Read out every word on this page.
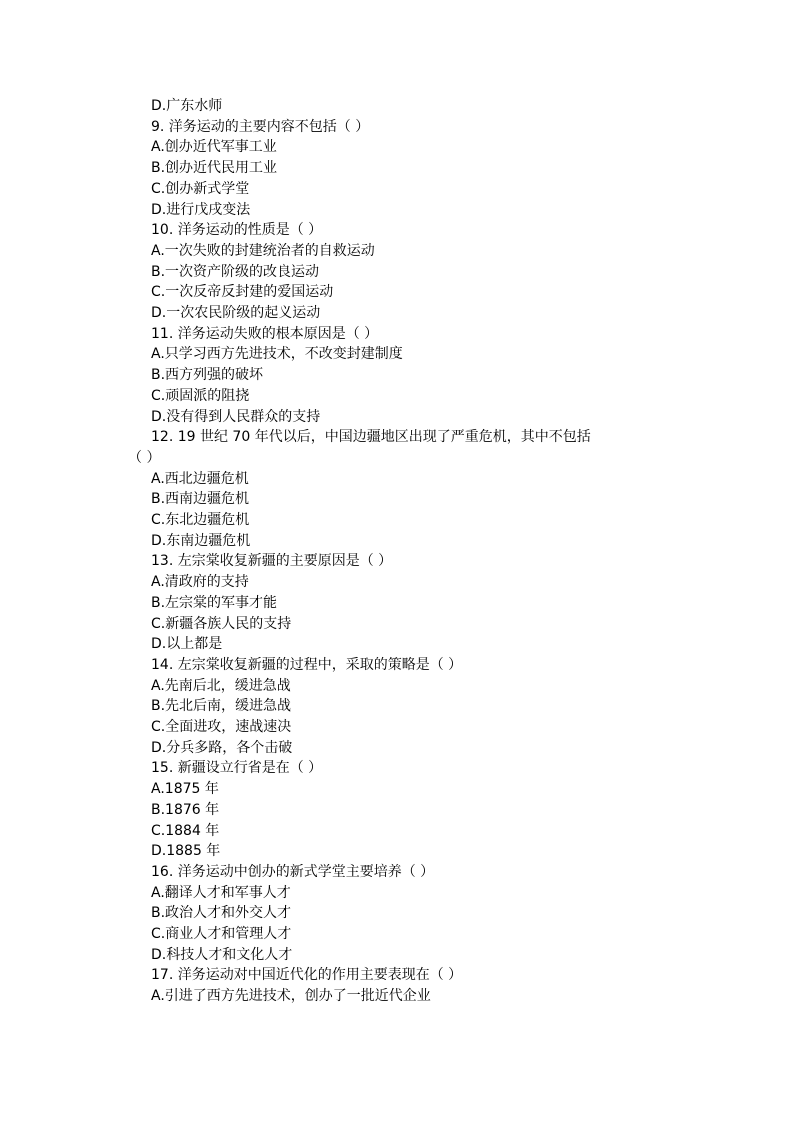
D.广东水师
9. 洋务运动的主要内容不包括（ ）
A.创办近代军事工业
B.创办近代民用工业
C.创办新式学堂
D.进行戊戌变法
10. 洋务运动的性质是（ ）
A.一次失败的封建统治者的自救运动
B.一次资产阶级的改良运动
C.一次反帝反封建的爱国运动
D.一次农民阶级的起义运动
11. 洋务运动失败的根本原因是（ ）
A.只学习西方先进技术，不改变封建制度
B.西方列强的破坏
C.顽固派的阻挠
D.没有得到人民群众的支持
12. 19 世纪 70 年代以后，中国边疆地区出现了严重危机，其中不包括
（ ）
A.西北边疆危机
B.西南边疆危机
C.东北边疆危机
D.东南边疆危机
13. 左宗棠收复新疆的主要原因是（ ）
A.清政府的支持
B.左宗棠的军事才能
C.新疆各族人民的支持
D.以上都是
14. 左宗棠收复新疆的过程中，采取的策略是（ ）
A.先南后北，缓进急战
B.先北后南，缓进急战
C.全面进攻，速战速决
D.分兵多路，各个击破
15. 新疆设立行省是在（ ）
A.1875 年
B.1876 年
C.1884 年
D.1885 年
16. 洋务运动中创办的新式学堂主要培养（ ）
A.翻译人才和军事人才
B.政治人才和外交人才
C.商业人才和管理人才
D.科技人才和文化人才
17. 洋务运动对中国近代化的作用主要表现在（ ）
A.引进了西方先进技术，创办了一批近代企业
